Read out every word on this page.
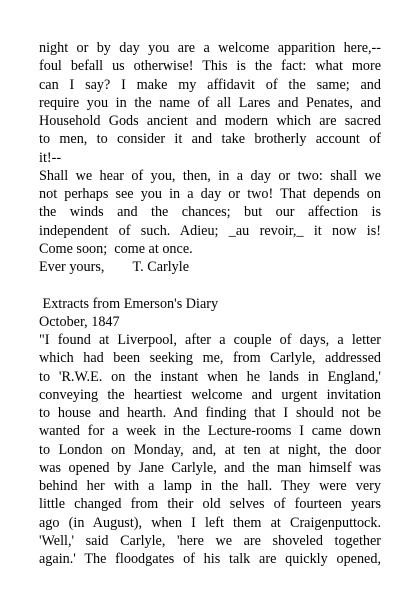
night or by day you are a welcome apparition here,--
foul befall us otherwise! This is the fact: what more
can I say? I make my affidavit of the same; and
require you in the name of all Lares and Penates, and
Household Gods ancient and modern which are sacred
to men, to consider it and take brotherly account of
it!--
Shall we hear of you, then, in a day or two: shall we
not perhaps see you in a day or two! That depends on
the winds and the chances; but our affection is
independent of such. Adieu; _au revoir,_ it now is!
Come soon;  come at once.
Ever yours,        T. Carlyle
Extracts from Emerson's Diary
October, 1847
"I found at Liverpool, after a couple of days, a letter
which had been seeking me, from Carlyle, addressed
to 'R.W.E. on the instant when he lands in England,'
conveying the heartiest welcome and urgent invitation
to house and hearth. And finding that I should not be
wanted for a week in the Lecture-rooms I came down
to London on Monday, and, at ten at night, the door
was opened by Jane Carlyle, and the man himself was
behind her with a lamp in the hall. They were very
little changed from their old selves of fourteen years
ago (in August), when I left them at Craigenputtock.
'Well,' said Carlyle, 'here we are shoveled together
again.' The floodgates of his talk are quickly opened,
